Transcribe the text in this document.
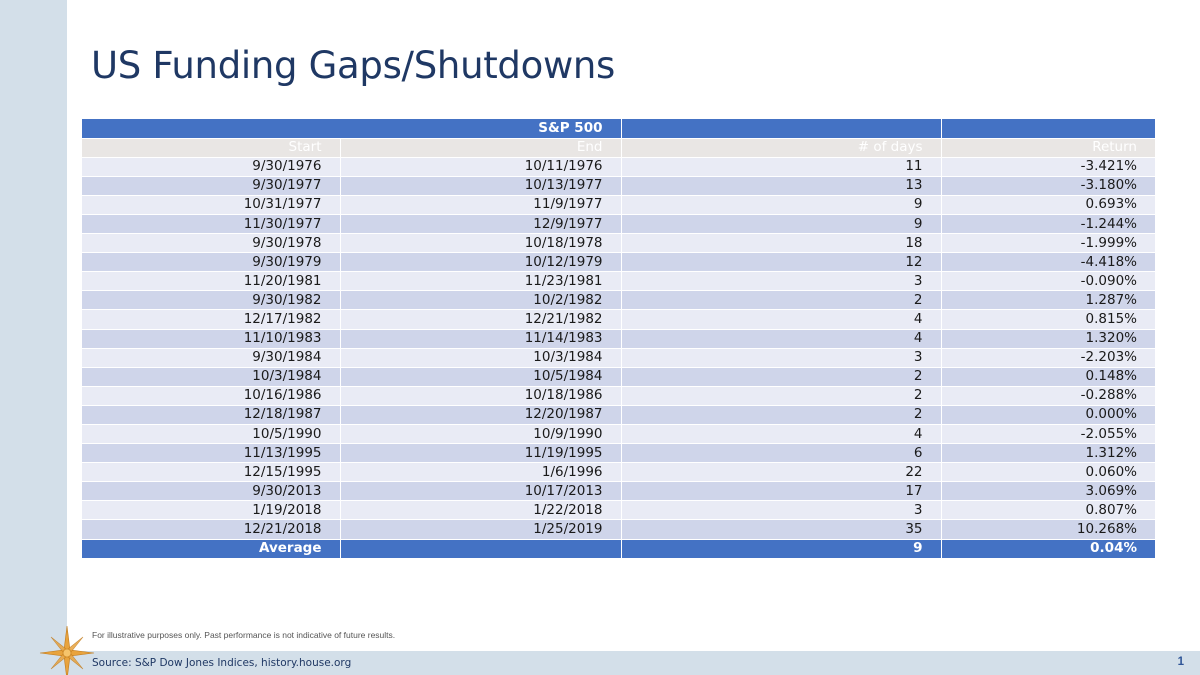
US Funding Gaps/Shutdowns
S&P 500			
Start	End	# of days	Return
9/30/1976	10/11/1976	11	-3.421%
9/30/1977	10/13/1977	13	-3.180%
10/31/1977	11/9/1977	9	0.693%
11/30/1977	12/9/1977	9	-1.244%
9/30/1978	10/18/1978	18	-1.999%
9/30/1979	10/12/1979	12	-4.418%
11/20/1981	11/23/1981	3	-0.090%
9/30/1982	10/2/1982	2	1.287%
12/17/1982	12/21/1982	4	0.815%
11/10/1983	11/14/1983	4	1.320%
9/30/1984	10/3/1984	3	-2.203%
10/3/1984	10/5/1984	2	0.148%
10/16/1986	10/18/1986	2	-0.288%
12/18/1987	12/20/1987	2	0.000%
10/5/1990	10/9/1990	4	-2.055%
11/13/1995	11/19/1995	6	1.312%
12/15/1995	1/6/1996	22	0.060%
9/30/2013	10/17/2013	17	3.069%
1/19/2018	1/22/2018	3	0.807%
12/21/2018	1/25/2019	35	10.268%
Average		9	0.04%
For illustrative purposes only. Past performance is not indicative of future results.
Source: S&P Dow Jones Indices, history.house.org	1
